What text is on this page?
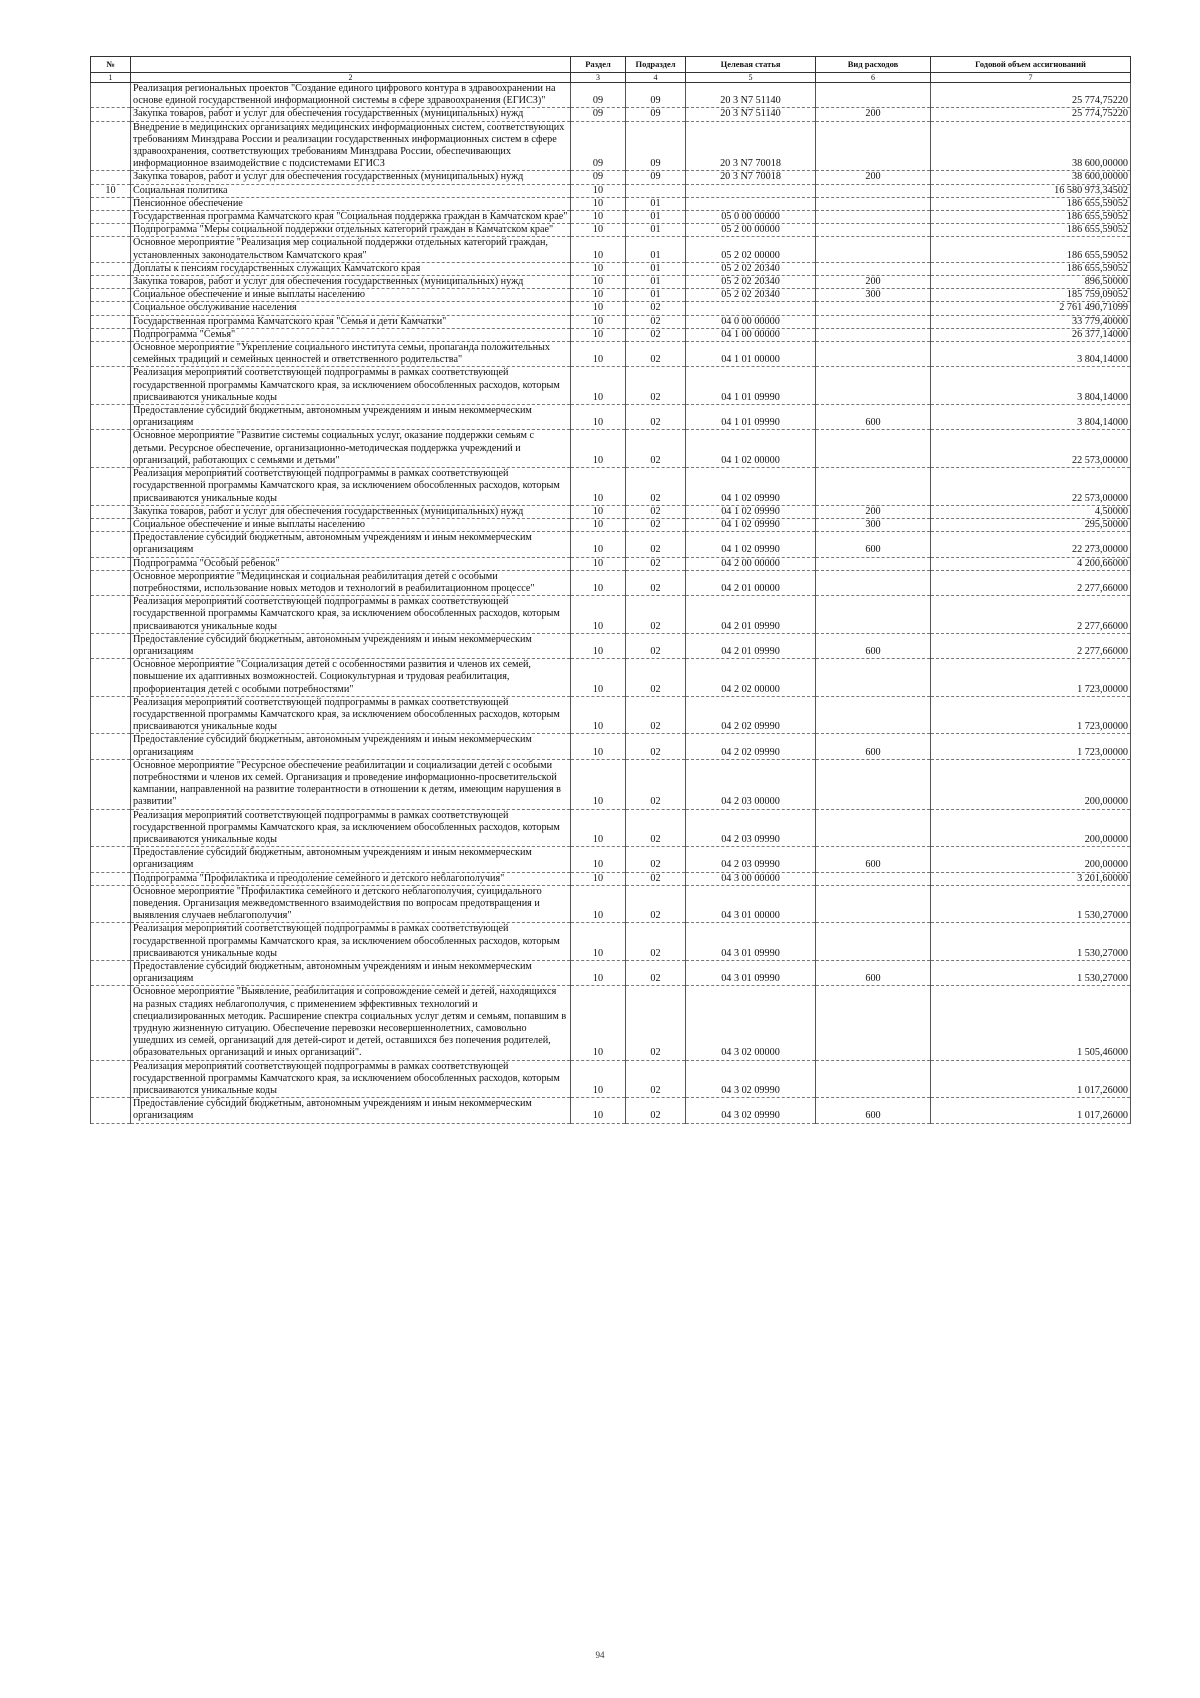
№		Раздел	Подраздел	Целевая статья	Вид расходов	Годовой объем ассигнований
1	2	3	4	5	6	7
	Реализация региональных проектов "Создание единого цифрового контура в здравоохранении на основе единой государственной информационной системы в сфере здравоохранения (ЕГИСЗ)"	09	09	20 3 N7 51140		25 774,75220
	Закупка товаров, работ и услуг для обеспечения государственных (муниципальных) нужд	09	09	20 3 N7 51140	200	25 774,75220
	Внедрение в медицинских организациях медицинских информационных систем, соответствующих требованиям Минздрава России и реализации государственных информационных систем в сфере здравоохранения, соответствующих требованиям Минздрава России, обеспечивающих информационное взаимодействие с подсистемами ЕГИСЗ	09	09	20 3 N7 70018		38 600,00000
	Закупка товаров, работ и услуг для обеспечения государственных (муниципальных) нужд	09	09	20 3 N7 70018	200	38 600,00000
10	Социальная политика	10				16 580 973,34502
	Пенсионное обеспечение	10	01			186 655,59052
	Государственная программа Камчатского края "Социальная поддержка граждан в Камчатском крае"	10	01	05 0 00 00000		186 655,59052
	Подпрограмма "Меры социальной поддержки отдельных категорий граждан в Камчатском крае"	10	01	05 2 00 00000		186 655,59052
	Основное мероприятие "Реализация мер социальной поддержки отдельных категорий граждан, установленных законодательством Камчатского края"	10	01	05 2 02 00000		186 655,59052
	Доплаты к пенсиям государственных служащих Камчатского края	10	01	05 2 02 20340		186 655,59052
	Закупка товаров, работ и услуг для обеспечения государственных (муниципальных) нужд	10	01	05 2 02 20340	200	896,50000
	Социальное обеспечение и иные выплаты населению	10	01	05 2 02 20340	300	185 759,09052
	Социальное обслуживание населения	10	02			2 761 490,71099
	Государственная программа Камчатского края "Семья и дети Камчатки"	10	02	04 0 00 00000		33 779,40000
	Подпрограмма "Семья"	10	02	04 1 00 00000		26 377,14000
	Основное мероприятие "Укрепление социального института семьи, пропаганда положительных семейных традиций и семейных ценностей и ответственного родительства"	10	02	04 1 01 00000		3 804,14000
	Реализация мероприятий соответствующей подпрограммы в рамках соответствующей государственной программы Камчатского края, за исключением обособленных расходов, которым присваиваются уникальные коды	10	02	04 1 01 09990		3 804,14000
	Предоставление субсидий бюджетным, автономным учреждениям и иным некоммерческим организациям	10	02	04 1 01 09990	600	3 804,14000
	Основное мероприятие "Развитие системы социальных услуг, оказание поддержки семьям с детьми. Ресурсное обеспечение, организационно-методическая поддержка учреждений и организаций, работающих с семьями и детьми"	10	02	04 1 02 00000		22 573,00000
	Реализация мероприятий соответствующей подпрограммы в рамках соответствующей государственной программы Камчатского края, за исключением обособленных расходов, которым присваиваются уникальные коды	10	02	04 1 02 09990		22 573,00000
	Закупка товаров, работ и услуг для обеспечения государственных (муниципальных) нужд	10	02	04 1 02 09990	200	4,50000
	Социальное обеспечение и иные выплаты населению	10	02	04 1 02 09990	300	295,50000
	Предоставление субсидий бюджетным, автономным учреждениям и иным некоммерческим организациям	10	02	04 1 02 09990	600	22 273,00000
	Подпрограмма "Особый ребенок"	10	02	04 2 00 00000		4 200,66000
	Основное мероприятие "Медицинская и социальная реабилитация детей с особыми потребностями, использование новых методов и технологий в реабилитационном процессе"	10	02	04 2 01 00000		2 277,66000
	Реализация мероприятий соответствующей подпрограммы в рамках соответствующей государственной программы Камчатского края, за исключением обособленных расходов, которым присваиваются уникальные коды	10	02	04 2 01 09990		2 277,66000
	Предоставление субсидий бюджетным, автономным учреждениям и иным некоммерческим организациям	10	02	04 2 01 09990	600	2 277,66000
	Основное мероприятие "Социализация детей с особенностями развития и членов их семей, повышение их адаптивных возможностей. Социокультурная и трудовая реабилитация, профориентация детей с особыми потребностями"	10	02	04 2 02 00000		1 723,00000
	Реализация мероприятий соответствующей подпрограммы в рамках соответствующей государственной программы Камчатского края, за исключением обособленных расходов, которым присваиваются уникальные коды	10	02	04 2 02 09990		1 723,00000
	Предоставление субсидий бюджетным, автономным учреждениям и иным некоммерческим организациям	10	02	04 2 02 09990	600	1 723,00000
	Основное мероприятие "Ресурсное обеспечение реабилитации и социализации детей с особыми потребностями и членов их семей. Организация и проведение информационно-просветительской кампании, направленной на развитие толерантности в отношении к детям, имеющим нарушения в развитии"	10	02	04 2 03 00000		200,00000
	Реализация мероприятий соответствующей подпрограммы в рамках соответствующей государственной программы Камчатского края, за исключением обособленных расходов, которым присваиваются уникальные коды	10	02	04 2 03 09990		200,00000
	Предоставление субсидий бюджетным, автономным учреждениям и иным некоммерческим организациям	10	02	04 2 03 09990	600	200,00000
	Подпрограмма "Профилактика и преодоление семейного и детского неблагополучия"	10	02	04 3 00 00000		3 201,60000
	Основное мероприятие "Профилактика семейного и детского неблагополучия, суицидального поведения. Организация межведомственного взаимодействия по вопросам предотвращения и выявления случаев неблагополучия"	10	02	04 3 01 00000		1 530,27000
	Реализация мероприятий соответствующей подпрограммы в рамках соответствующей государственной программы Камчатского края, за исключением обособленных расходов, которым присваиваются уникальные коды	10	02	04 3 01 09990		1 530,27000
	Предоставление субсидий бюджетным, автономным учреждениям и иным некоммерческим организациям	10	02	04 3 01 09990	600	1 530,27000
	Основное мероприятие "Выявление, реабилитация и сопровождение семей и детей, находящихся на разных стадиях неблагополучия, с применением эффективных технологий и специализированных методик. Расширение спектра социальных услуг детям и семьям, попавшим в трудную жизненную ситуацию. Обеспечение перевозки несовершеннолетних, самовольно ушедших из семей, организаций для детей-сирот и детей, оставшихся без попечения родителей, образовательных организаций и иных организаций".	10	02	04 3 02 00000		1 505,46000
	Реализация мероприятий соответствующей подпрограммы в рамках соответствующей государственной программы Камчатского края, за исключением обособленных расходов, которым присваиваются уникальные коды	10	02	04 3 02 09990		1 017,26000
	Предоставление субсидий бюджетным, автономным учреждениям и иным некоммерческим организациям	10	02	04 3 02 09990	600	1 017,26000
94
